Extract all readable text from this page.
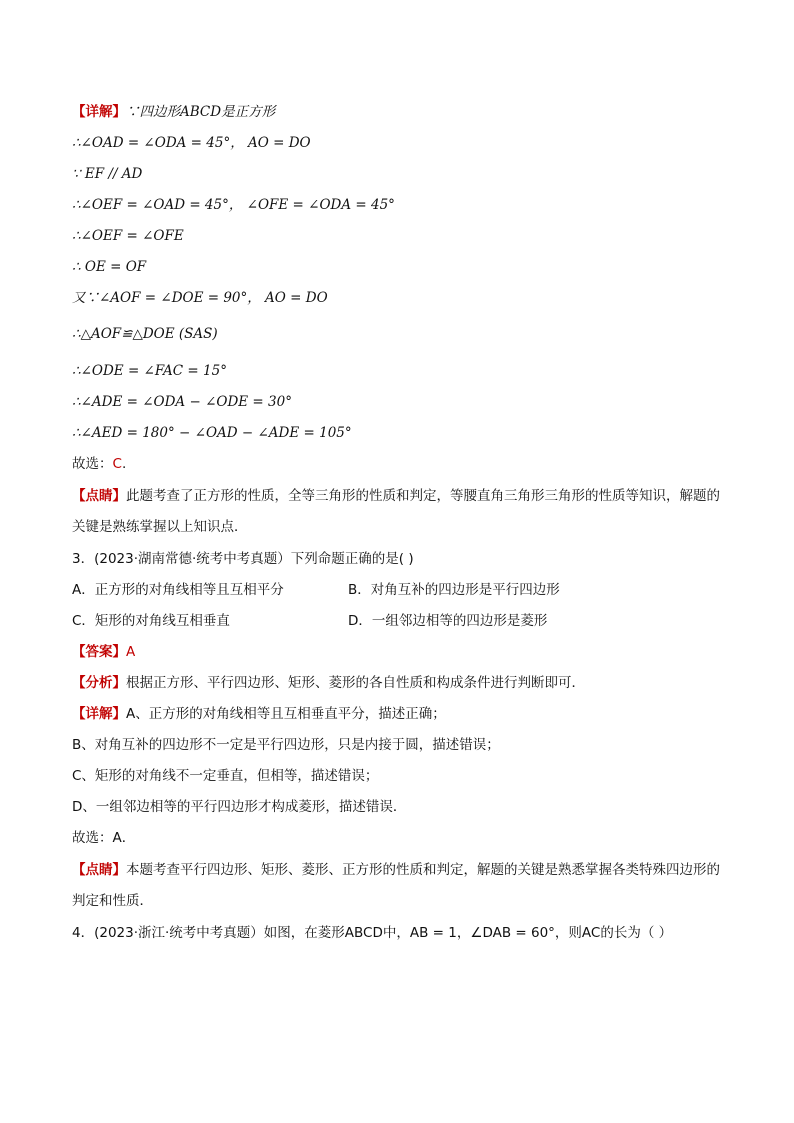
【详解】∵四边形ABCD是正方形
∴∠OAD = ∠ODA = 45°， AO = DO
∵ EF // AD
∴∠OEF = ∠OAD = 45°， ∠OFE = ∠ODA = 45°
∴∠OEF = ∠OFE
∴ OE = OF
又∵∠AOF = ∠DOE = 90°， AO = DO
∴△AOF≌△DOE (SAS)
∴∠ODE = ∠FAC = 15°
∴∠ADE = ∠ODA − ∠ODE = 30°
∴∠AED = 180° − ∠OAD − ∠ADE = 105°
故选：C.
【点睛】此题考查了正方形的性质，全等三角形的性质和判定，等腰直角三角形三角形的性质等知识，解题的关键是熟练掌握以上知识点．
3．(2023·湖南常德·统考中考真题）下列命题正确的是( )
A．正方形的对角线相等且互相平分	B．对角互补的四边形是平行四边形
C．矩形的对角线互相垂直	D．一组邻边相等的四边形是菱形
【答案】A
【分析】根据正方形、平行四边形、矩形、菱形的各自性质和构成条件进行判断即可．
【详解】A、正方形的对角线相等且互相垂直平分，描述正确；
B、对角互补的四边形不一定是平行四边形，只是内接于圆，描述错误；
C、矩形的对角线不一定垂直，但相等，描述错误；
D、一组邻边相等的平行四边形才构成菱形，描述错误．
故选：A．
【点睛】本题考查平行四边形、矩形、菱形、正方形的性质和判定，解题的关键是熟悉掌握各类特殊四边形的判定和性质．
4．(2023·浙江·统考中考真题）如图，在菱形ABCD中，AB = 1，∠DAB = 60°，则AC的长为（ ）
